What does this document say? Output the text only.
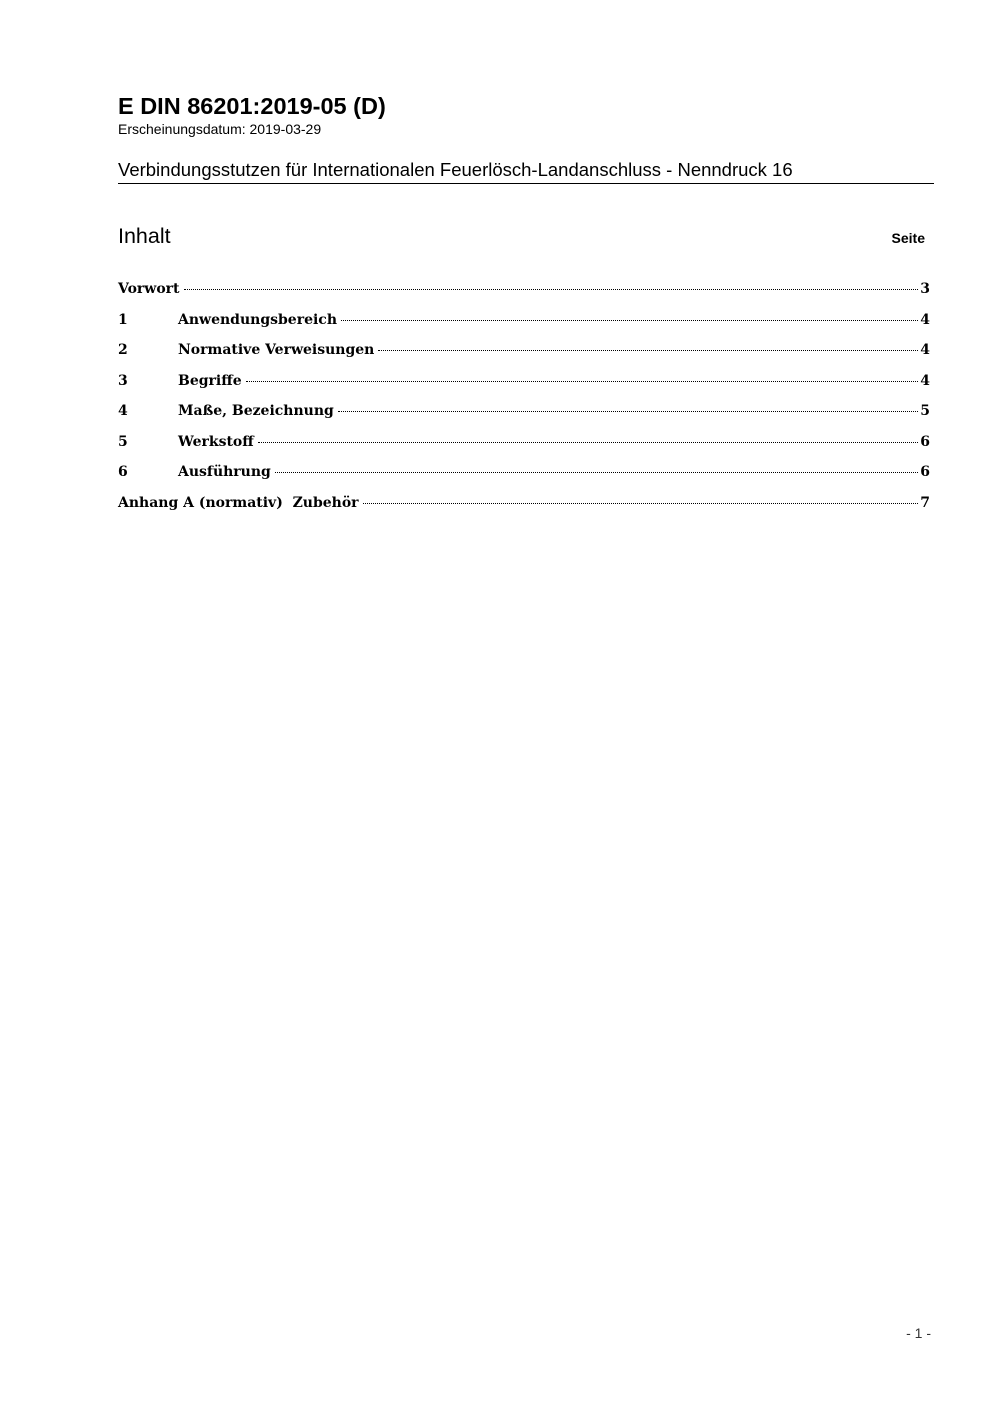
E DIN 86201:2019-05 (D)
Erscheinungsdatum: 2019-03-29
Verbindungsstutzen für Internationalen Feuerlösch-Landanschluss - Nenndruck 16
Inhalt	Seite
Vorwort	3
1	Anwendungsbereich	4
2	Normative Verweisungen	4
3	Begriffe	4
4	Maße, Bezeichnung	5
5	Werkstoff	6
6	Ausführung	6
Anhang A (normativ)  Zubehör	7
- 1 -
